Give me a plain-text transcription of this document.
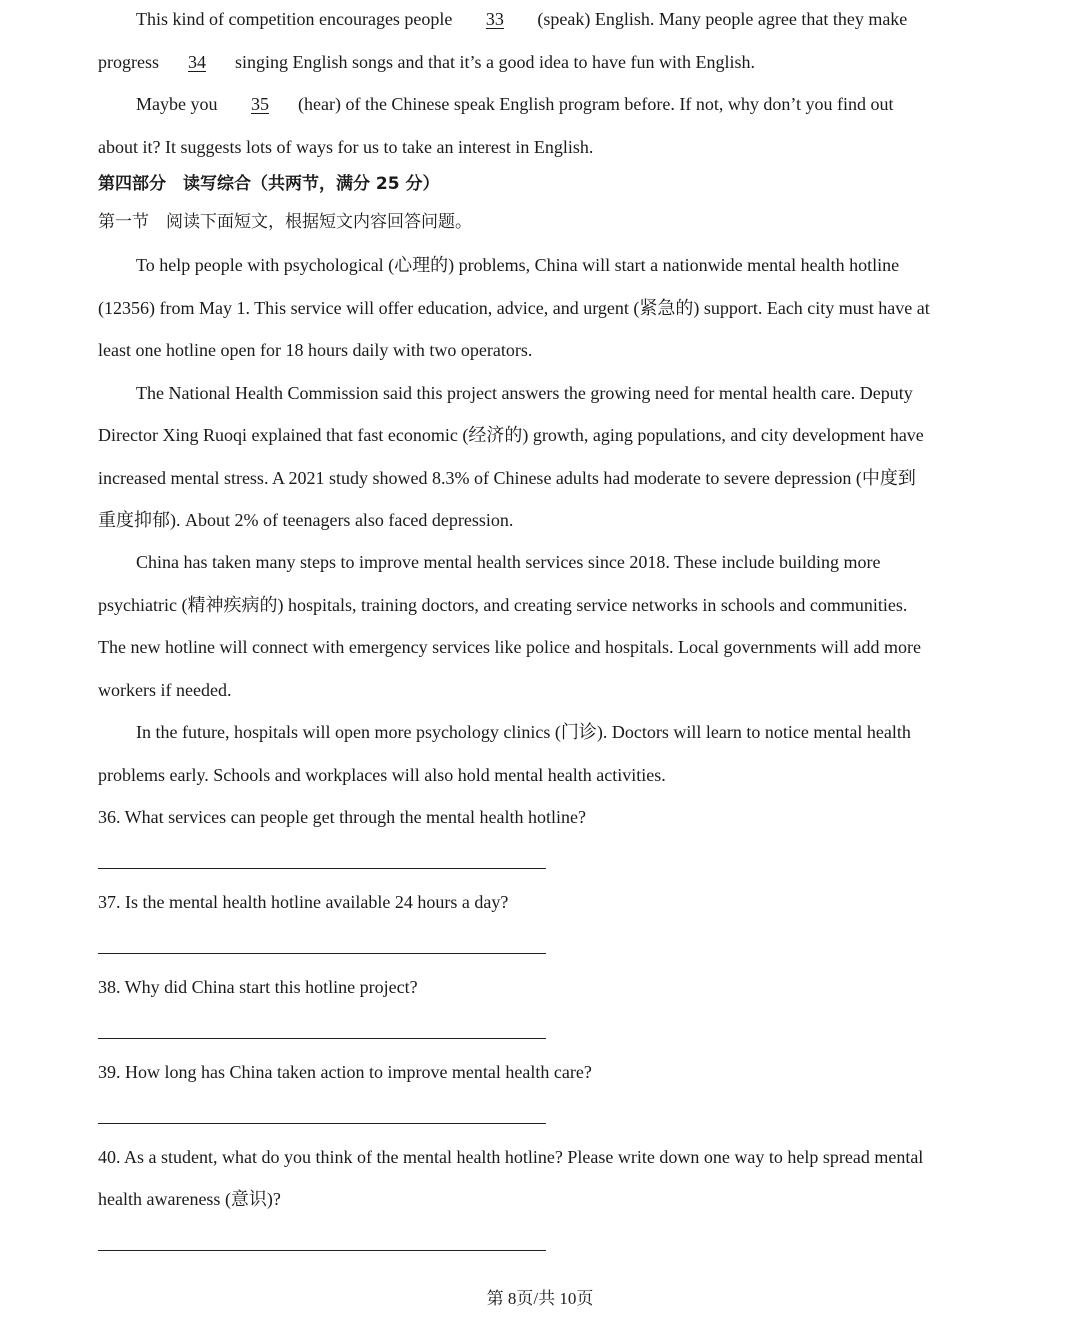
This kind of competition encourages people       33       (speak) English. Many people agree that they make
progress      34      singing English songs and that it’s a good idea to have fun with English.
Maybe you       35      (hear) of the Chinese speak English program before. If not, why don’t you find out
about it? It suggests lots of ways for us to take an interest in English.
第四部分　读写综合（共两节，满分 25 分）
第一节　阅读下面短文，根据短文内容回答问题。
To help people with psychological (心理的) problems, China will start a nationwide mental health hotline
(12356) from May 1. This service will offer education, advice, and urgent (紧急的) support. Each city must have at
least one hotline open for 18 hours daily with two operators.
The National Health Commission said this project answers the growing need for mental health care. Deputy
Director Xing Ruoqi explained that fast economic (经济的) growth, aging populations, and city development have
increased mental stress. A 2021 study showed 8.3% of Chinese adults had moderate to severe depression (中度到
重度抑郁). About 2% of teenagers also faced depression.
China has taken many steps to improve mental health services since 2018. These include building more
psychiatric (精神疾病的) hospitals, training doctors, and creating service networks in schools and communities.
The new hotline will connect with emergency services like police and hospitals. Local governments will add more
workers if needed.
In the future, hospitals will open more psychology clinics (门诊). Doctors will learn to notice mental health
problems early. Schools and workplaces will also hold mental health activities.
36. What services can people get through the mental health hotline?
37. Is the mental health hotline available 24 hours a day?
38. Why did China start this hotline project?
39. How long has China taken action to improve mental health care?
40. As a student, what do you think of the mental health hotline? Please write down one way to help spread mental
health awareness (意识)?
第 8页/共 10页
